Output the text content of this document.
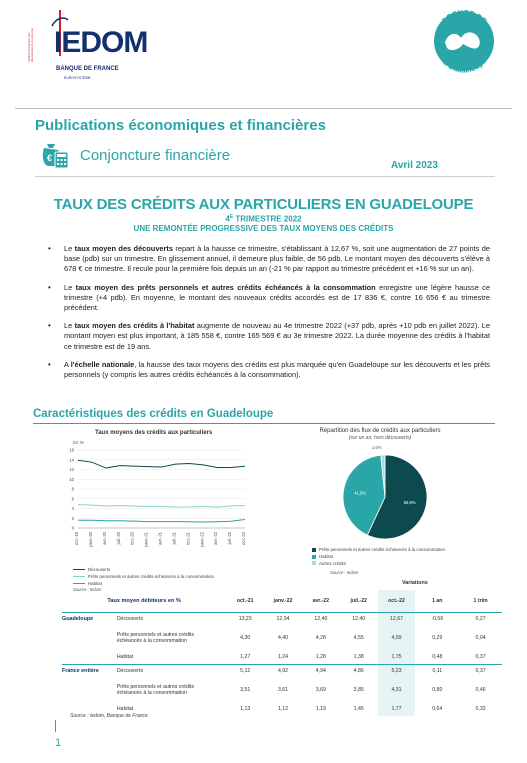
Institut d'émission des départements d'outre-mer IEDOM
BANQUE DE FRANCE
EUROSYSTÈME
AGENCE DE
la Guadeloupe
Publications économiques et financières
€ Conjoncture financière
Avril 2023
TAUX DES CRÉDITS AUX PARTICULIERS EN GUADELOUPE
$4^E$ TRIMESTRE 2022
UNE REMONTÉE PROGRESSIVE DES TAUX MOYENS DES CRÉDITS
• Le taux moyen des découverts repart à la hausse ce trimestre, s'établissant à 12,67 %, soit une augmentation de 27 points de base (pdb) sur un trimestre. En glissement annuel, il demeure plus faible, de 56 pdb. Le montant moyen des découverts s'élève à 678 € ce trimestre. Il recule pour la première fois depuis un an (-21 % par rapport au trimestre précédent et +16 % sur un an).
• Le taux moyen des prêts personnels et autres crédits échéancés à la consommation enregistre une légère hausse ce trimestre (+4 pdb). En moyenne, le montant des nouveaux crédits accordés est de 17 836 €, contre 16 656 € au trimestre précédent.
• Le taux moyen des crédits à l'habitat augmente de nouveau au 4e trimestre 2022 (+37 pdb, après +10 pdb en juillet 2022). Le montant moyen est plus important, à 185 558 €, contre 165 569 € au 3e trimestre 2022. La durée moyenne des crédits à l'habitat ce trimestre est de 19 ans.
• A l'échelle nationale, la hausse des taux moyens des crédits est plus marquée qu'en Guadeloupe sur les découverts et les prêts personnels (y compris les autres crédits échéancés à la consommation).
Caractéristiques des crédits en Guadeloupe
Taux moyens des crédits aux particuliers
En %
0
2
4
6
8
10
12
14
16
oct.-19 janv.-20 avr.-20 juil.-20 oct.-20 janv.-21 avr.-21 juil.-21 oct.-21 janv.-22 avr.-22 juil.-22 oct.-22
Découverts
Prêts personnels et autres crédits échéancés à la consommation
Habitat
Source : Iedom
Répartition des flux de crédits aux particuliers
(sur un an, hors découverts)
56,9%
41,5%
1,6%
Prêts personnels et autres crédits échéancés à la consommation
Habitat
Autres crédits
Source : Iedom
Variations

Taux moyen débiteurs en %		oct.-21	janv.-22	avr.-22	juil.-22	oct.-22	1 an	1 trim
Guadeloupe	Découverts	13,23	12,94	12,40	12,40	12,67	-0,56	0,27
	Prêts personnels et autres crédits échéancés à la consommation	4,30	4,40	4,28	4,55	4,59	0,29	0,04
	Habitat	1,27	1,24	1,28	1,38	1,75	0,48	0,37
France entière	Découverts	5,12	4,92	4,94	4,86	5,23	0,11	0,37
	Prêts personnels et autres crédits échéancés à la consommation	3,51	3,61	3,69	3,85	4,31	0,80	0,46
	Habitat	1,13	1,12	1,19	1,45	1,77	0,64	0,32
Source : Iedom, Banque de France
1
